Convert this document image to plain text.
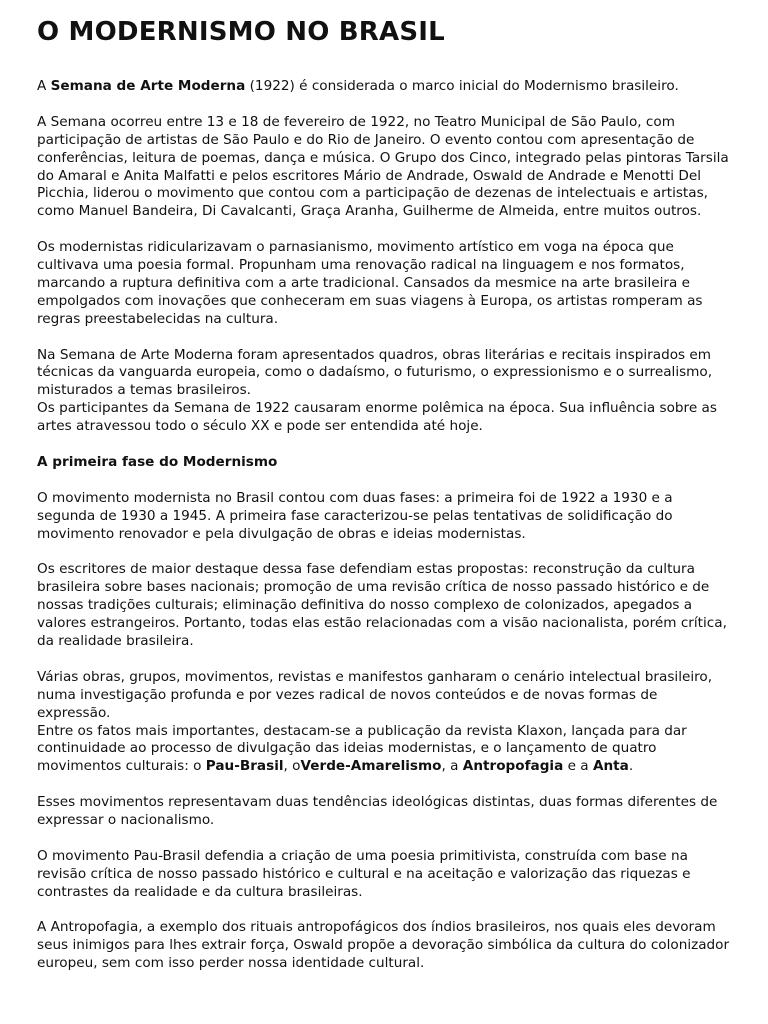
O MODERNISMO NO BRASIL

A Semana de Arte Moderna (1922) é considerada o marco inicial do Modernismo brasileiro.

A Semana ocorreu entre 13 e 18 de fevereiro de 1922, no Teatro Municipal de São Paulo, com participação de artistas de São Paulo e do Rio de Janeiro. O evento contou com apresentação de conferências, leitura de poemas, dança e música. O Grupo dos Cinco, integrado pelas pintoras Tarsila do Amaral e Anita Malfatti e pelos escritores Mário de Andrade, Oswald de Andrade e Menotti Del Picchia, liderou o movimento que contou com a participação de dezenas de intelectuais e artistas, como Manuel Bandeira, Di Cavalcanti, Graça Aranha, Guilherme de Almeida, entre muitos outros.

Os modernistas ridicularizavam o parnasianismo, movimento artístico em voga na época que cultivava uma poesia formal. Propunham uma renovação radical na linguagem e nos formatos, marcando a ruptura definitiva com a arte tradicional. Cansados da mesmice na arte brasileira e empolgados com inovações que conheceram em suas viagens à Europa, os artistas romperam as regras preestabelecidas na cultura.

Na Semana de Arte Moderna foram apresentados quadros, obras literárias e recitais inspirados em técnicas da vanguarda europeia, como o dadaísmo, o futurismo, o expressionismo e o surrealismo, misturados a temas brasileiros.

Os participantes da Semana de 1922 causaram enorme polêmica na época. Sua influência sobre as artes atravessou todo o século XX e pode ser entendida até hoje.

A primeira fase do Modernismo

O movimento modernista no Brasil contou com duas fases: a primeira foi de 1922 a 1930 e a segunda de 1930 a 1945. A primeira fase caracterizou-se pelas tentativas de solidificação do movimento renovador e pela divulgação de obras e ideias modernistas.

Os escritores de maior destaque dessa fase defendiam estas propostas: reconstrução da cultura brasileira sobre bases nacionais; promoção de uma revisão crítica de nosso passado histórico e de nossas tradições culturais; eliminação definitiva do nosso complexo de colonizados, apegados a valores estrangeiros. Portanto, todas elas estão relacionadas com a visão nacionalista, porém crítica, da realidade brasileira.

Várias obras, grupos, movimentos, revistas e manifestos ganharam o cenário intelectual brasileiro, numa investigação profunda e por vezes radical de novos conteúdos e de novas formas de expressão.

Entre os fatos mais importantes, destacam-se a publicação da revista Klaxon, lançada para dar continuidade ao processo de divulgação das ideias modernistas, e o lançamento de quatro movimentos culturais: o Pau-Brasil, oVerde-Amarelismo, a Antropofagia e a Anta.

Esses movimentos representavam duas tendências ideológicas distintas, duas formas diferentes de expressar o nacionalismo.

O movimento Pau-Brasil defendia a criação de uma poesia primitivista, construída com base na revisão crítica de nosso passado histórico e cultural e na aceitação e valorização das riquezas e contrastes da realidade e da cultura brasileiras.

A Antropofagia, a exemplo dos rituais antropofágicos dos índios brasileiros, nos quais eles devoram seus inimigos para lhes extrair força, Oswald propõe a devoração simbólica da cultura do colonizador europeu, sem com isso perder nossa identidade cultural.
